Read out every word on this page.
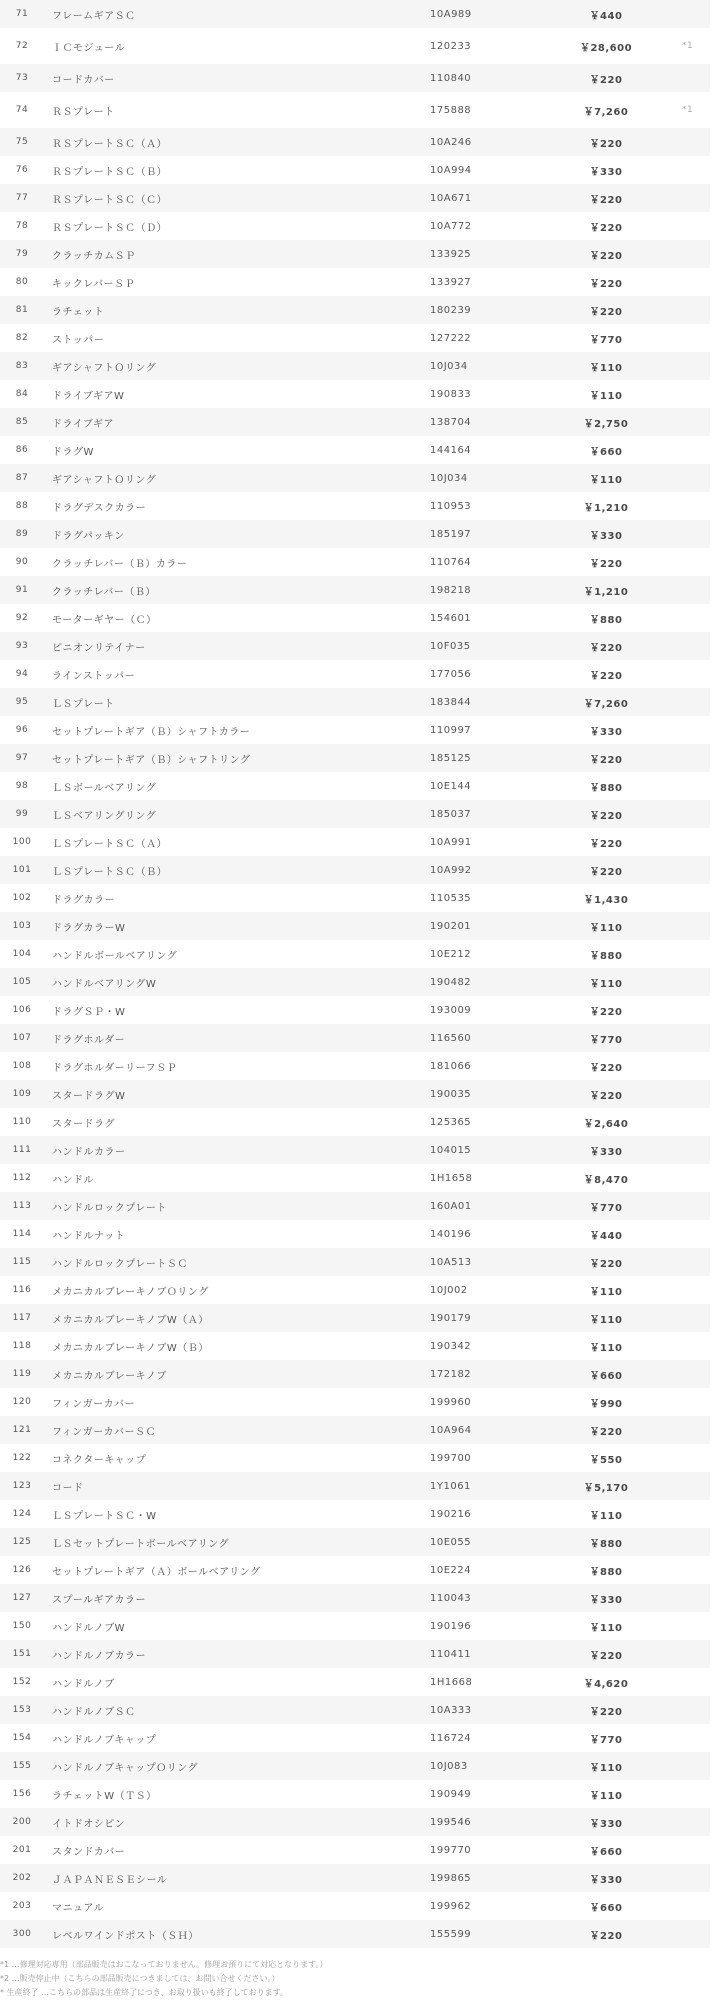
71	フレームギアＳＣ	10A989	￥440		
72	ＩＣモジュール	120233	￥28,600	*1	
73	コードカバー	110840	￥220		
74	ＲＳプレート	175888	￥7,260	*1	
75	ＲＳプレートＳＣ（Ａ）	10A246	￥220		
76	ＲＳプレートＳＣ（Ｂ）	10A994	￥330		
77	ＲＳプレートＳＣ（Ｃ）	10A671	￥220		
78	ＲＳプレートＳＣ（Ｄ）	10A772	￥220		
79	クラッチカムＳＰ	133925	￥220		
80	キックレバーＳＰ	133927	￥220		
81	ラチェット	180239	￥220		
82	ストッパー	127222	￥770		
83	ギアシャフトＯリング	10J034	￥110		
84	ドライブギアW	190833	￥110		
85	ドライブギア	138704	￥2,750		
86	ドラグW	144164	￥660		
87	ギアシャフトＯリング	10J034	￥110		
88	ドラグデスクカラー	110953	￥1,210		
89	ドラグパッキン	185197	￥330		
90	クラッチレバー（Ｂ）カラー	110764	￥220		
91	クラッチレバー（Ｂ）	198218	￥1,210		
92	モーターギヤー（Ｃ）	154601	￥880		
93	ピニオンリテイナー	10F035	￥220		
94	ラインストッパー	177056	￥220		
95	ＬＳプレート	183844	￥7,260		
96	セットプレートギア（Ｂ）シャフトカラー	110997	￥330		
97	セットプレートギア（Ｂ）シャフトリング	185125	￥220		
98	ＬＳボールベアリング	10E144	￥880		
99	ＬＳベアリングリング	185037	￥220		
100	ＬＳプレートＳＣ（Ａ）	10A991	￥220		
101	ＬＳプレートＳＣ（Ｂ）	10A992	￥220		
102	ドラグカラー	110535	￥1,430		
103	ドラグカラーW	190201	￥110		
104	ハンドルボールベアリング	10E212	￥880		
105	ハンドルベアリングW	190482	￥110		
106	ドラグＳＰ・W	193009	￥220		
107	ドラグホルダー	116560	￥770		
108	ドラグホルダーリーフＳＰ	181066	￥220		
109	スタードラグW	190035	￥220		
110	スタードラグ	125365	￥2,640		
111	ハンドルカラー	104015	￥330		
112	ハンドル	1H1658	￥8,470		
113	ハンドルロックプレート	160A01	￥770		
114	ハンドルナット	140196	￥440		
115	ハンドルロックプレートＳＣ	10A513	￥220		
116	メカニカルブレーキノブＯリング	10J002	￥110		
117	メカニカルブレーキノブW（Ａ）	190179	￥110		
118	メカニカルブレーキノブW（Ｂ）	190342	￥110		
119	メカニカルブレーキノブ	172182	￥660		
120	フィンガーカバー	199960	￥990		
121	フィンガーカバーＳＣ	10A964	￥220		
122	コネクターキャップ	199700	￥550		
123	コード	1Y1061	￥5,170		
124	ＬＳプレートＳＣ・W	190216	￥110		
125	ＬＳセットプレートボールベアリング	10E055	￥880		
126	セットプレートギア（Ａ）ボールベアリング	10E224	￥880		
127	スプールギアカラー	110043	￥330		
150	ハンドルノブW	190196	￥110		
151	ハンドルノブカラー	110411	￥220		
152	ハンドルノブ	1H1668	￥4,620		
153	ハンドルノブＳＣ	10A333	￥220		
154	ハンドルノブキャップ	116724	￥770		
155	ハンドルノブキャップＯリング	10J083	￥110		
156	ラチェットW（ＴＳ）	190949	￥110		
200	イトドオシピン	199546	￥330		
201	スタンドカバー	199770	￥660		
202	ＪＡＰＡＮＥＳＥシール	199865	￥330		
203	マニュアル	199962	￥660		
300	レベルワインドポスト（ＳＨ）	155599	￥220		
*1 …修理対応専用（部品販売はおこなっておりません。修理お預りにて対応となります。）
*2 …販売停止中（こちらの部品販売につきましては、お問い合せください。）
* 生産終了 …こちらの部品は生産終了につき、お取り扱いも終了しております。
